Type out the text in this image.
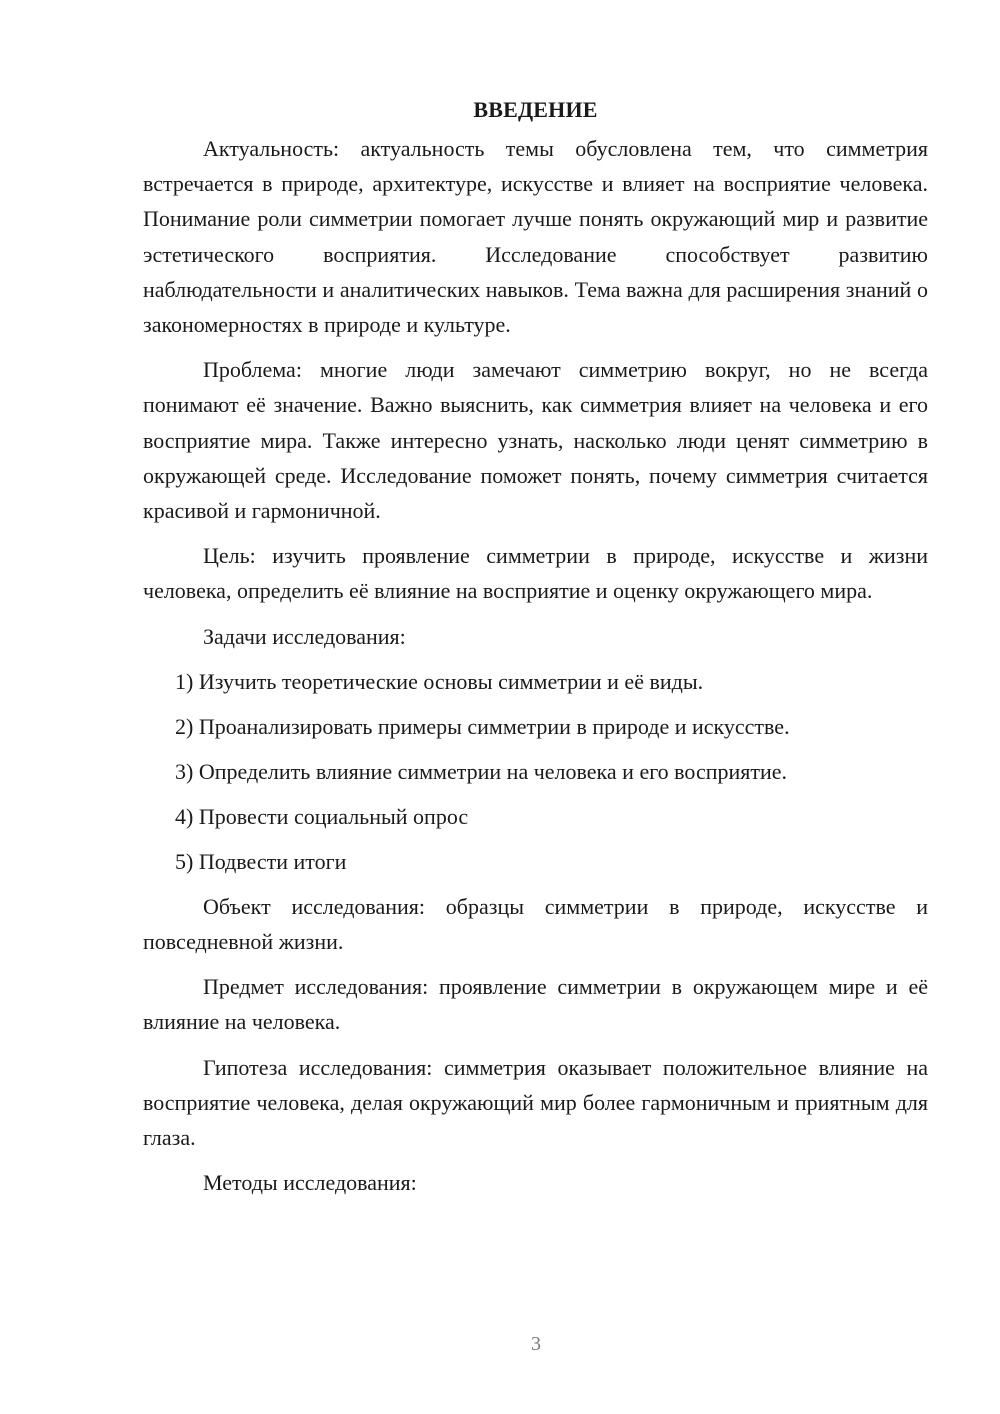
ВВЕДЕНИЕ

Актуальность: актуальность темы обусловлена тем, что симметрия встречается в природе, архитектуре, искусстве и влияет на восприятие человека. Понимание роли симметрии помогает лучше понять окружающий мир и развитие эстетического восприятия. Исследование способствует развитию наблюдательности и аналитических навыков. Тема важна для расширения знаний о закономерностях в природе и культуре.

Проблема: многие люди замечают симметрию вокруг, но не всегда понимают её значение. Важно выяснить, как симметрия влияет на человека и его восприятие мира. Также интересно узнать, насколько люди ценят симметрию в окружающей среде. Исследование поможет понять, почему симметрия считается красивой и гармоничной.

Цель: изучить проявление симметрии в природе, искусстве и жизни человека, определить её влияние на восприятие и оценку окружающего мира.

Задачи исследования:

1) Изучить теоретические основы симметрии и её виды.
2) Проанализировать примеры симметрии в природе и искусстве.
3) Определить влияние симметрии на человека и его восприятие.
4) Провести социальный опрос
5) Подвести итоги

Объект исследования: образцы симметрии в природе, искусстве и повседневной жизни.

Предмет исследования: проявление симметрии в окружающем мире и её влияние на человека.

Гипотеза исследования: симметрия оказывает положительное влияние на восприятие человека, делая окружающий мир более гармоничным и приятным для глаза.

Методы исследования:

3
